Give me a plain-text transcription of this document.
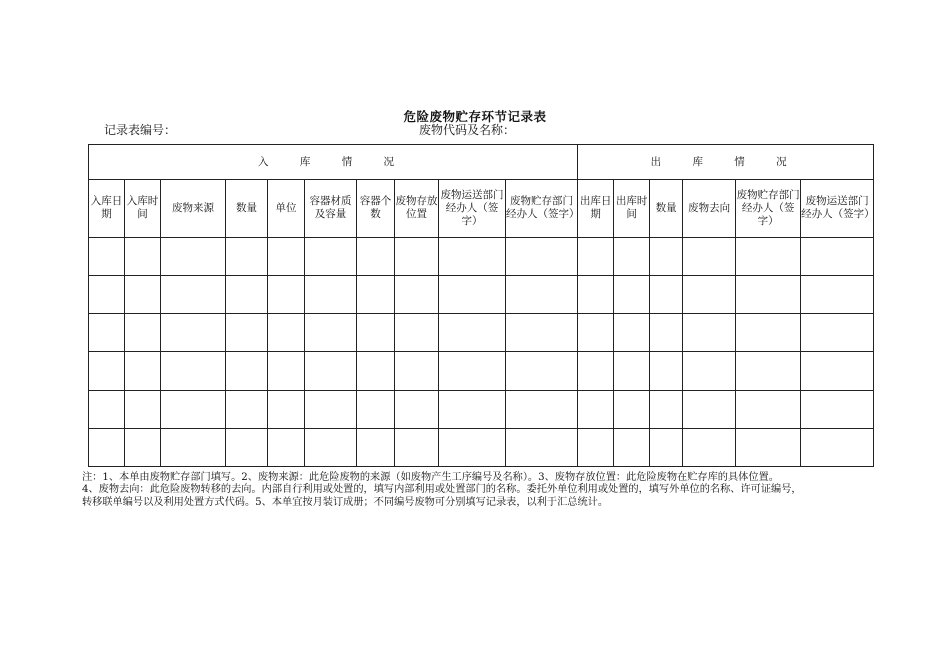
危险废物贮存环节记录表
记录表编号：	废物代码及名称：
入 库 情 况										出 库 情 况					
入库日期	入库时间	废物来源	数量	单位	容器材质及容量	容器个数	废物存放位置	废物运送部门经办人（签字）	废物贮存部门经办人（签字）	出库日期	出库时间	数量	废物去向	废物贮存部门经办人（签字）	废物运送部门经办人（签字）

注：1、本单由废物贮存部门填写。2、废物来源：此危险废物的来源（如废物产生工序编号及名称）。3、废物存放位置：此危险废物在贮存库的具体位置。

4、废物去向：此危险废物转移的去向。内部自行利用或处置的，填写内部利用或处置部门的名称。委托外单位利用或处置的，填写外单位的名称、许可证编号，

转移联单编号以及利用处置方式代码。5、本单宜按月装订成册；不同编号废物可分别填写记录表，以利于汇总统计。
